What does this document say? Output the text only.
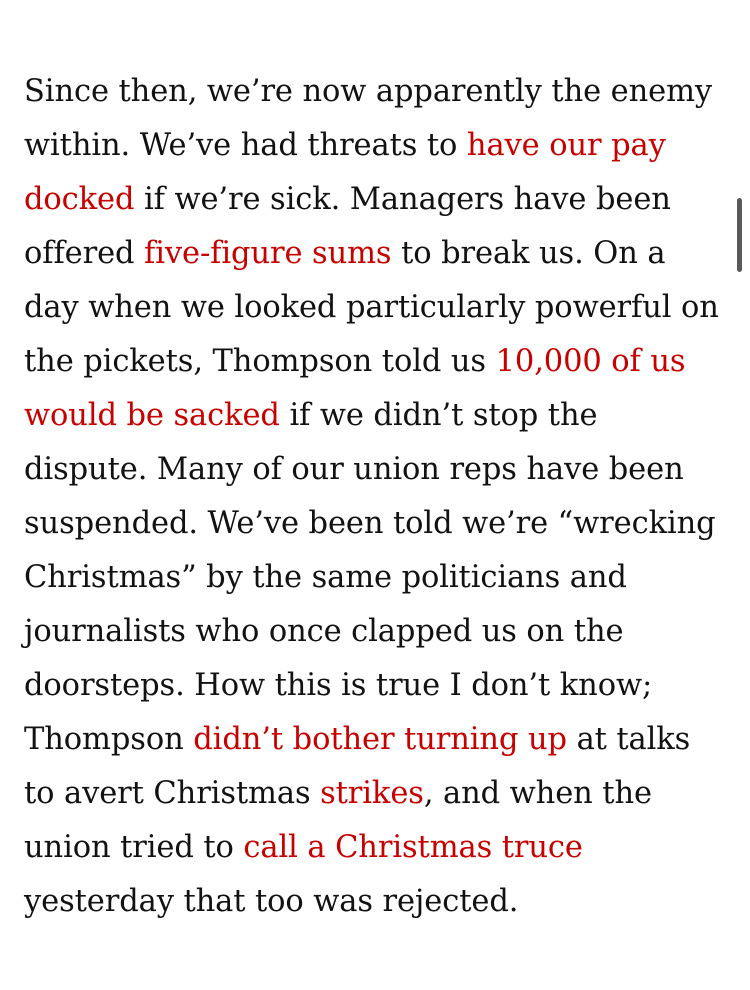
Since then, we’re now apparently the enemy within. We’ve had threats to have our pay docked if we’re sick. Managers have been offered five-figure sums to break us. On a day when we looked particularly powerful on the pickets, Thompson told us 10,000 of us would be sacked if we didn’t stop the dispute. Many of our union reps have been suspended. We’ve been told we’re “wrecking Christmas” by the same politicians and journalists who once clapped us on the doorsteps. How this is true I don’t know; Thompson didn’t bother turning up at talks to avert Christmas strikes, and when the union tried to call a Christmas truce yesterday that too was rejected.
